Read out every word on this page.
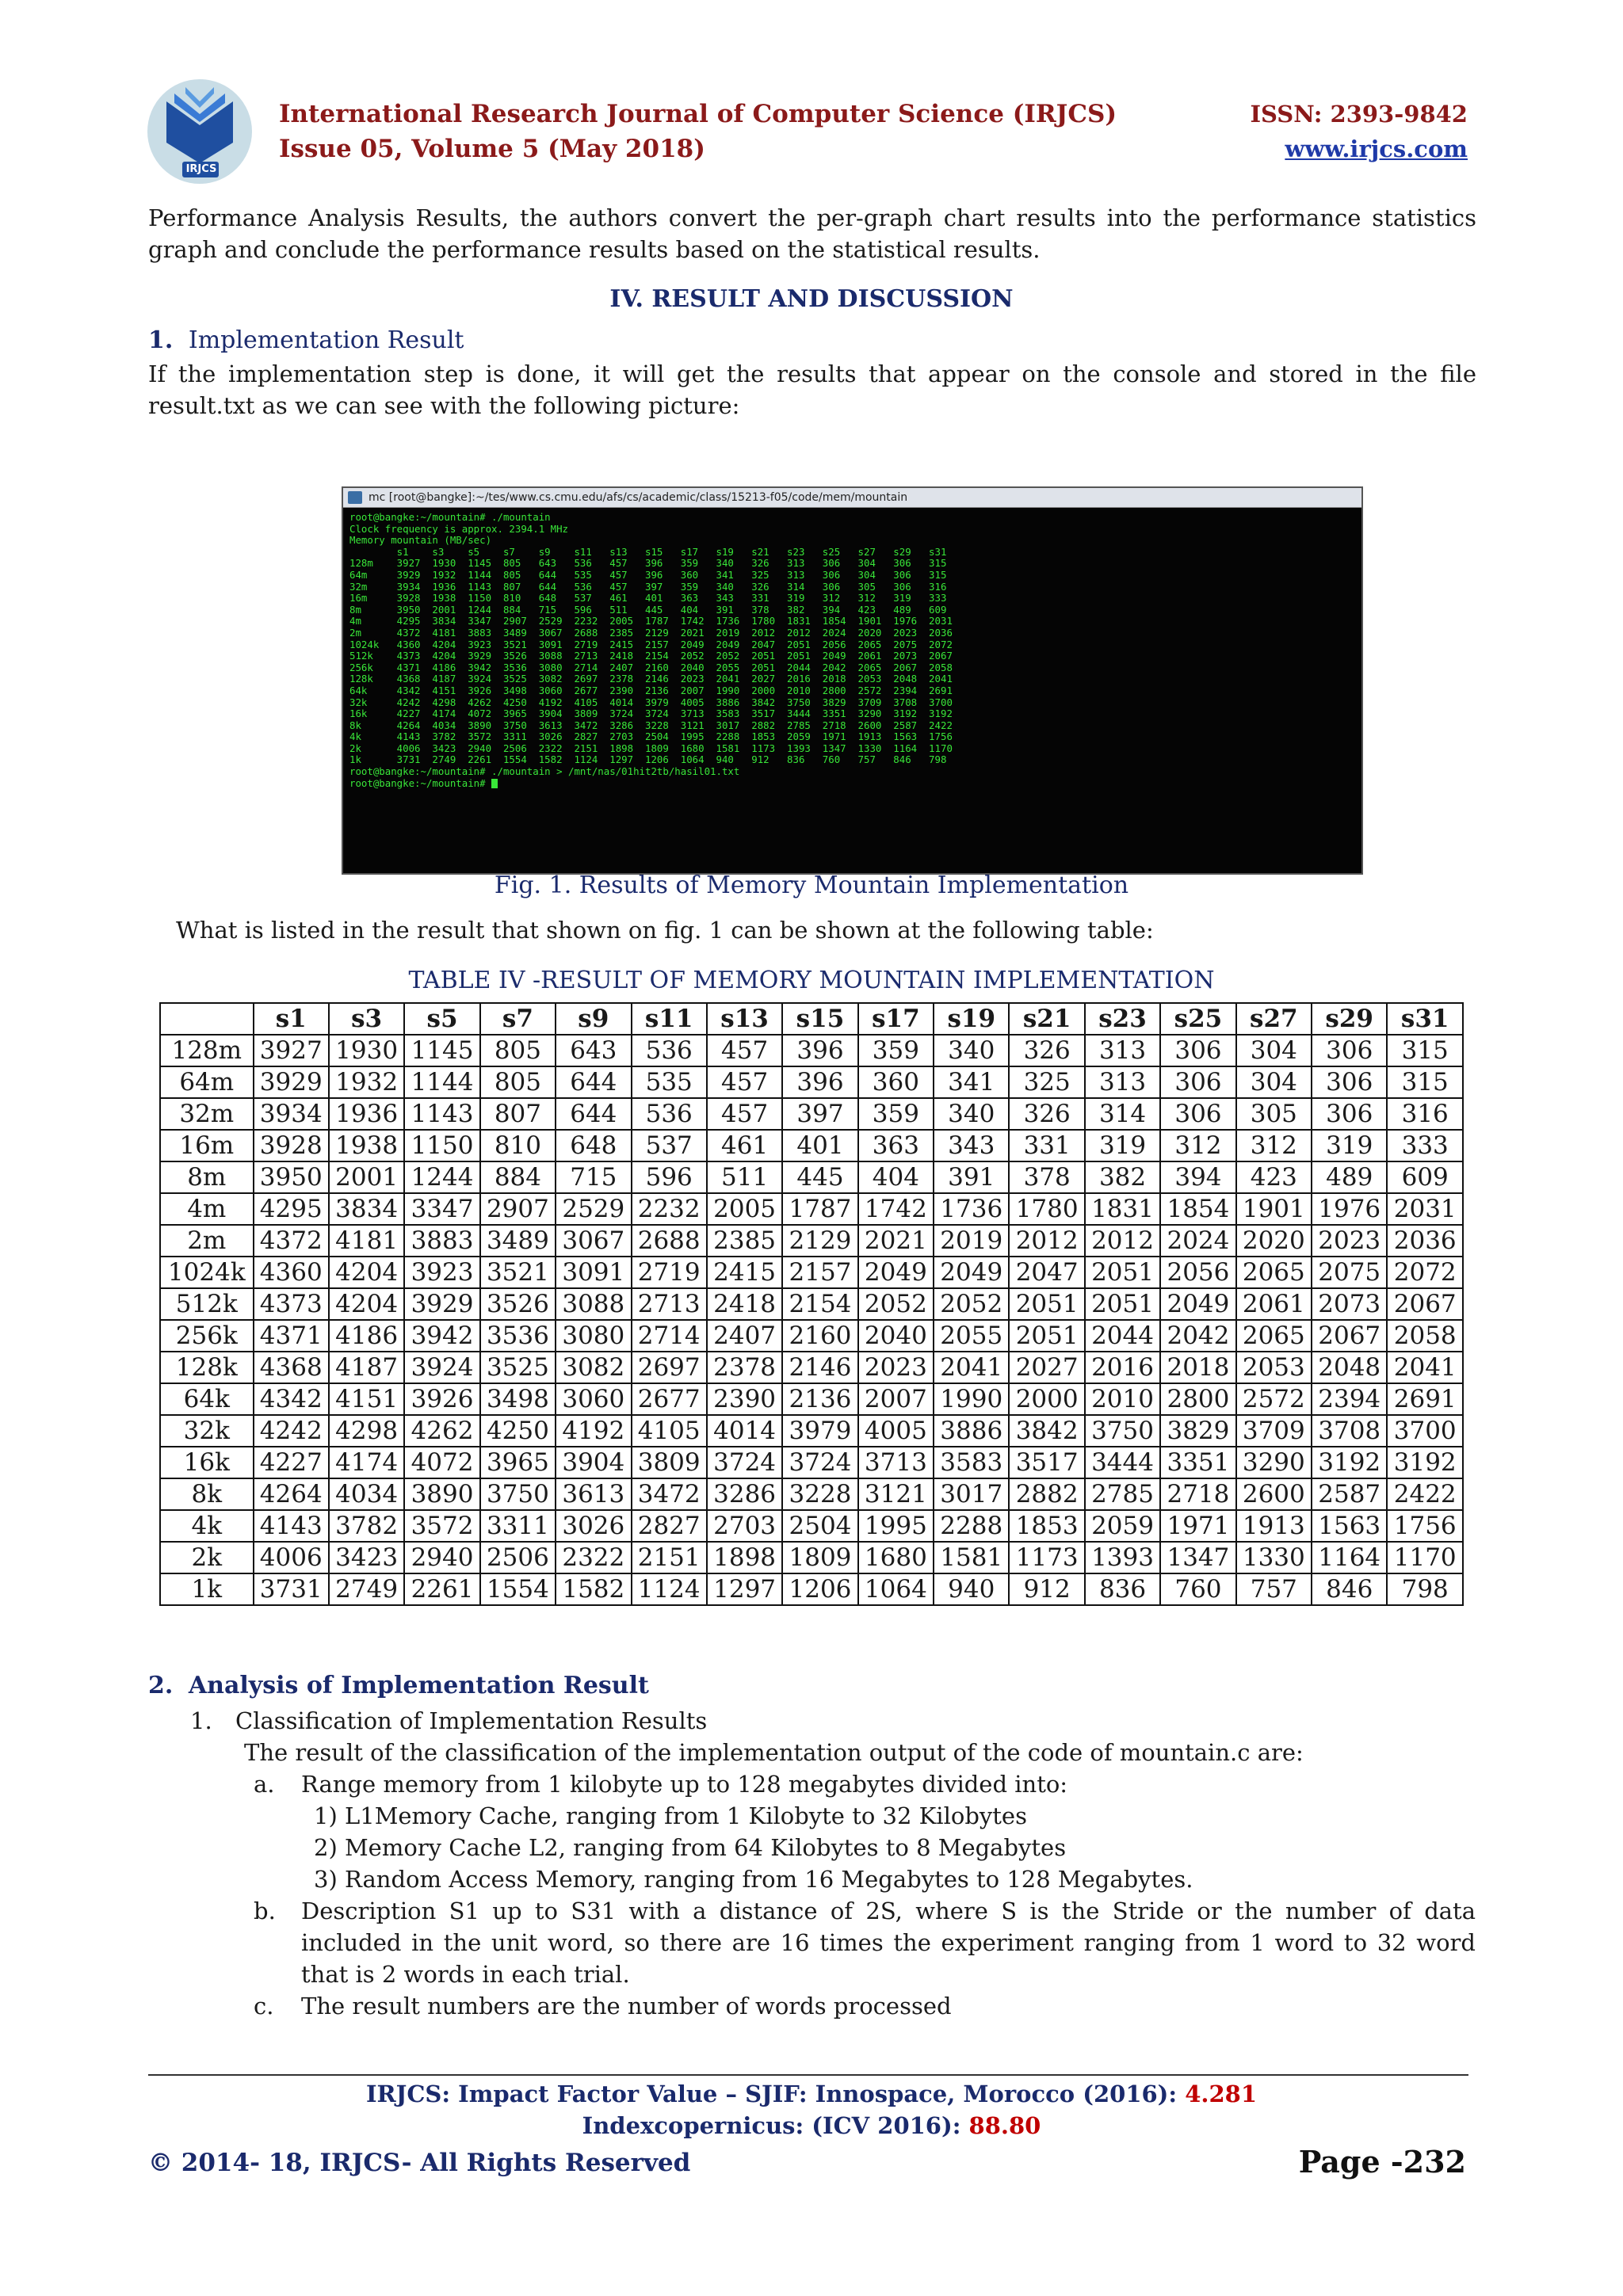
IRJCS
International Research Journal of Computer Science (IRJCS)
Issue 05, Volume 5 (May 2018)
ISSN: 2393-9842
www.irjcs.com
Performance Analysis Results, the authors convert the per-graph chart results into the performance statistics graph and conclude the performance results based on the statistical results.
IV. RESULT AND DISCUSSION
1. Implementation Result
If the implementation step is done, it will get the results that appear on the console and stored in the file result.txt as we can see with the following picture:
mc [root@bangke]:~/tes/www.cs.cmu.edu/afs/cs/academic/class/15213-f05/code/mem/mountain
root@bangke:~/mountain# ./mountain
Clock frequency is approx. 2394.1 MHz
Memory mountain (MB/sec)
s1    s3    s5    s7    s9    s11   s13   s15   s17   s19   s21   s23   s25   s27   s29   s31
128m    3927  1930  1145  805   643   536   457   396   359   340   326   313   306   304   306   315
64m     3929  1932  1144  805   644   535   457   396   360   341   325   313   306   304   306   315
32m     3934  1936  1143  807   644   536   457   397   359   340   326   314   306   305   306   316
16m     3928  1938  1150  810   648   537   461   401   363   343   331   319   312   312   319   333
8m      3950  2001  1244  884   715   596   511   445   404   391   378   382   394   423   489   609
4m      4295  3834  3347  2907  2529  2232  2005  1787  1742  1736  1780  1831  1854  1901  1976  2031
2m      4372  4181  3883  3489  3067  2688  2385  2129  2021  2019  2012  2012  2024  2020  2023  2036
1024k   4360  4204  3923  3521  3091  2719  2415  2157  2049  2049  2047  2051  2056  2065  2075  2072
512k    4373  4204  3929  3526  3088  2713  2418  2154  2052  2052  2051  2051  2049  2061  2073  2067
256k    4371  4186  3942  3536  3080  2714  2407  2160  2040  2055  2051  2044  2042  2065  2067  2058
128k    4368  4187  3924  3525  3082  2697  2378  2146  2023  2041  2027  2016  2018  2053  2048  2041
64k     4342  4151  3926  3498  3060  2677  2390  2136  2007  1990  2000  2010  2800  2572  2394  2691
32k     4242  4298  4262  4250  4192  4105  4014  3979  4005  3886  3842  3750  3829  3709  3708  3700
16k     4227  4174  4072  3965  3904  3809  3724  3724  3713  3583  3517  3444  3351  3290  3192  3192
8k      4264  4034  3890  3750  3613  3472  3286  3228  3121  3017  2882  2785  2718  2600  2587  2422
4k      4143  3782  3572  3311  3026  2827  2703  2504  1995  2288  1853  2059  1971  1913  1563  1756
2k      4006  3423  2940  2506  2322  2151  1898  1809  1680  1581  1173  1393  1347  1330  1164  1170
1k      3731  2749  2261  1554  1582  1124  1297  1206  1064  940   912   836   760   757   846   798
root@bangke:~/mountain# ./mountain > /mnt/nas/01hit2tb/hasil01.txt
root@bangke:~/mountain#
Fig. 1. Results of Memory Mountain Implementation
What is listed in the result that shown on fig. 1 can be shown at the following table:
TABLE IV -RESULT OF MEMORY MOUNTAIN IMPLEMENTATION
	s1	s3	s5	s7	s9	s11	s13	s15	s17	s19	s21	s23	s25	s27	s29	s31
128m	3927	1930	1145	805	643	536	457	396	359	340	326	313	306	304	306	315
64m	3929	1932	1144	805	644	535	457	396	360	341	325	313	306	304	306	315
32m	3934	1936	1143	807	644	536	457	397	359	340	326	314	306	305	306	316
16m	3928	1938	1150	810	648	537	461	401	363	343	331	319	312	312	319	333
8m	3950	2001	1244	884	715	596	511	445	404	391	378	382	394	423	489	609
4m	4295	3834	3347	2907	2529	2232	2005	1787	1742	1736	1780	1831	1854	1901	1976	2031
2m	4372	4181	3883	3489	3067	2688	2385	2129	2021	2019	2012	2012	2024	2020	2023	2036
1024k	4360	4204	3923	3521	3091	2719	2415	2157	2049	2049	2047	2051	2056	2065	2075	2072
512k	4373	4204	3929	3526	3088	2713	2418	2154	2052	2052	2051	2051	2049	2061	2073	2067
256k	4371	4186	3942	3536	3080	2714	2407	2160	2040	2055	2051	2044	2042	2065	2067	2058
128k	4368	4187	3924	3525	3082	2697	2378	2146	2023	2041	2027	2016	2018	2053	2048	2041
64k	4342	4151	3926	3498	3060	2677	2390	2136	2007	1990	2000	2010	2800	2572	2394	2691
32k	4242	4298	4262	4250	4192	4105	4014	3979	4005	3886	3842	3750	3829	3709	3708	3700
16k	4227	4174	4072	3965	3904	3809	3724	3724	3713	3583	3517	3444	3351	3290	3192	3192
8k	4264	4034	3890	3750	3613	3472	3286	3228	3121	3017	2882	2785	2718	2600	2587	2422
4k	4143	3782	3572	3311	3026	2827	2703	2504	1995	2288	1853	2059	1971	1913	1563	1756
2k	4006	3423	2940	2506	2322	2151	1898	1809	1680	1581	1173	1393	1347	1330	1164	1170
1k	3731	2749	2261	1554	1582	1124	1297	1206	1064	940	912	836	760	757	846	798
2. Analysis of Implementation Result
1. Classification of Implementation Results
The result of the classification of the implementation output of the code of mountain.c are:
a. Range memory from 1 kilobyte up to 128 megabytes divided into:
1) L1Memory Cache, ranging from 1 Kilobyte to 32 Kilobytes
2) Memory Cache L2, ranging from 64 Kilobytes to 8 Megabytes
3) Random Access Memory, ranging from 16 Megabytes to 128 Megabytes.
b. Description S1 up to S31 with a distance of 2S, where S is the Stride or the number of data included in the unit word, so there are 16 times the experiment ranging from 1 word to 32 word that is 2 words in each trial.
c. The result numbers are the number of words processed
IRJCS: Impact Factor Value – SJIF: Innospace, Morocco (2016): 4.281
Indexcopernicus: (ICV 2016): 88.80
© 2014- 18, IRJCS- All Rights Reserved	Page -232
